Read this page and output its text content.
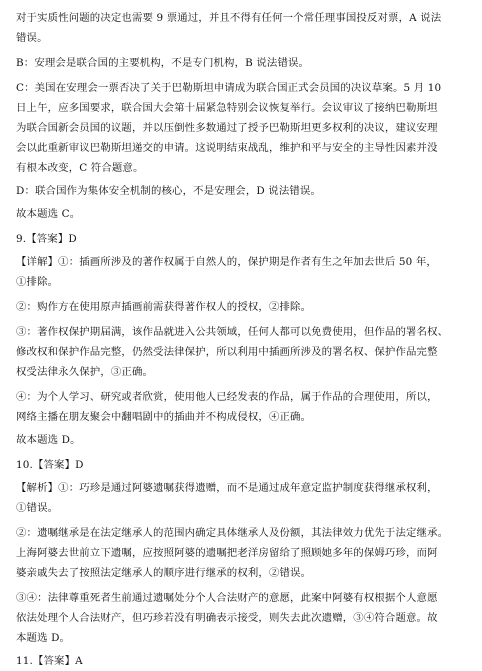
对于实质性问题的决定也需要 9 票通过，并且不得有任何一个常任理事国投反对票，A 说法

错误。

B：安理会是联合国的主要机构，不是专门机构，B 说法错误。

C：美国在安理会一票否决了关于巴勒斯坦申请成为联合国正式会员国的决议草案。5 月 10

日上午，应多国要求，联合国大会第十届紧急特别会议恢复举行。会议审议了接纳巴勒斯坦

为联合国新会员国的议题，并以压倒性多数通过了授予巴勒斯坦更多权利的决议，建议安理

会以此重新审议巴勒斯坦递交的申请。这说明结束战乱，维护和平与安全的主导性因素并没

有根本改变，C 符合题意。

D：联合国作为集体安全机制的核心，不是安理会，D 说法错误。

故本题选 C。

9.【答案】D

【详解】①：插画所涉及的著作权属于自然人的，保护期是作者有生之年加去世后 50 年，

①排除。

②：购作方在使用原声插画前需获得著作权人的授权，②排除。

③：著作权保护期届满，该作品就进入公共领域，任何人都可以免费使用，但作品的署名权、

修改权和保护作品完整，仍然受法律保护，所以利用中插画所涉及的署名权、保护作品完整

权受法律永久保护，③正确。

④：为个人学习、研究或者欣赏，使用他人已经发表的作品，属于作品的合理使用，所以，

网络主播在朋友聚会中翻唱剧中的插曲并不构成侵权，④正确。

故本题选 D。

10.【答案】D

【解析】①：巧珍是通过阿婆遗嘱获得遗赠，而不是通过成年意定监护制度获得继承权利，

①错误。

②：遗嘱继承是在法定继承人的范围内确定具体继承人及份额，其法律效力优先于法定继承。

上海阿婆去世前立下遗嘱，应按照阿婆的遗嘱把老洋房留给了照顾她多年的保姆巧珍，而阿

婆亲戚失去了按照法定继承人的顺序进行继承的权利，②错误。

③④：法律尊重死者生前通过遗嘱处分个人合法财产的意愿，此案中阿婆有权根据个人意愿

依法处理个人合法财产，但巧珍若没有明确表示接受，则失去此次遗赠，③④符合题意。故

本题选 D。

11.【答案】A
